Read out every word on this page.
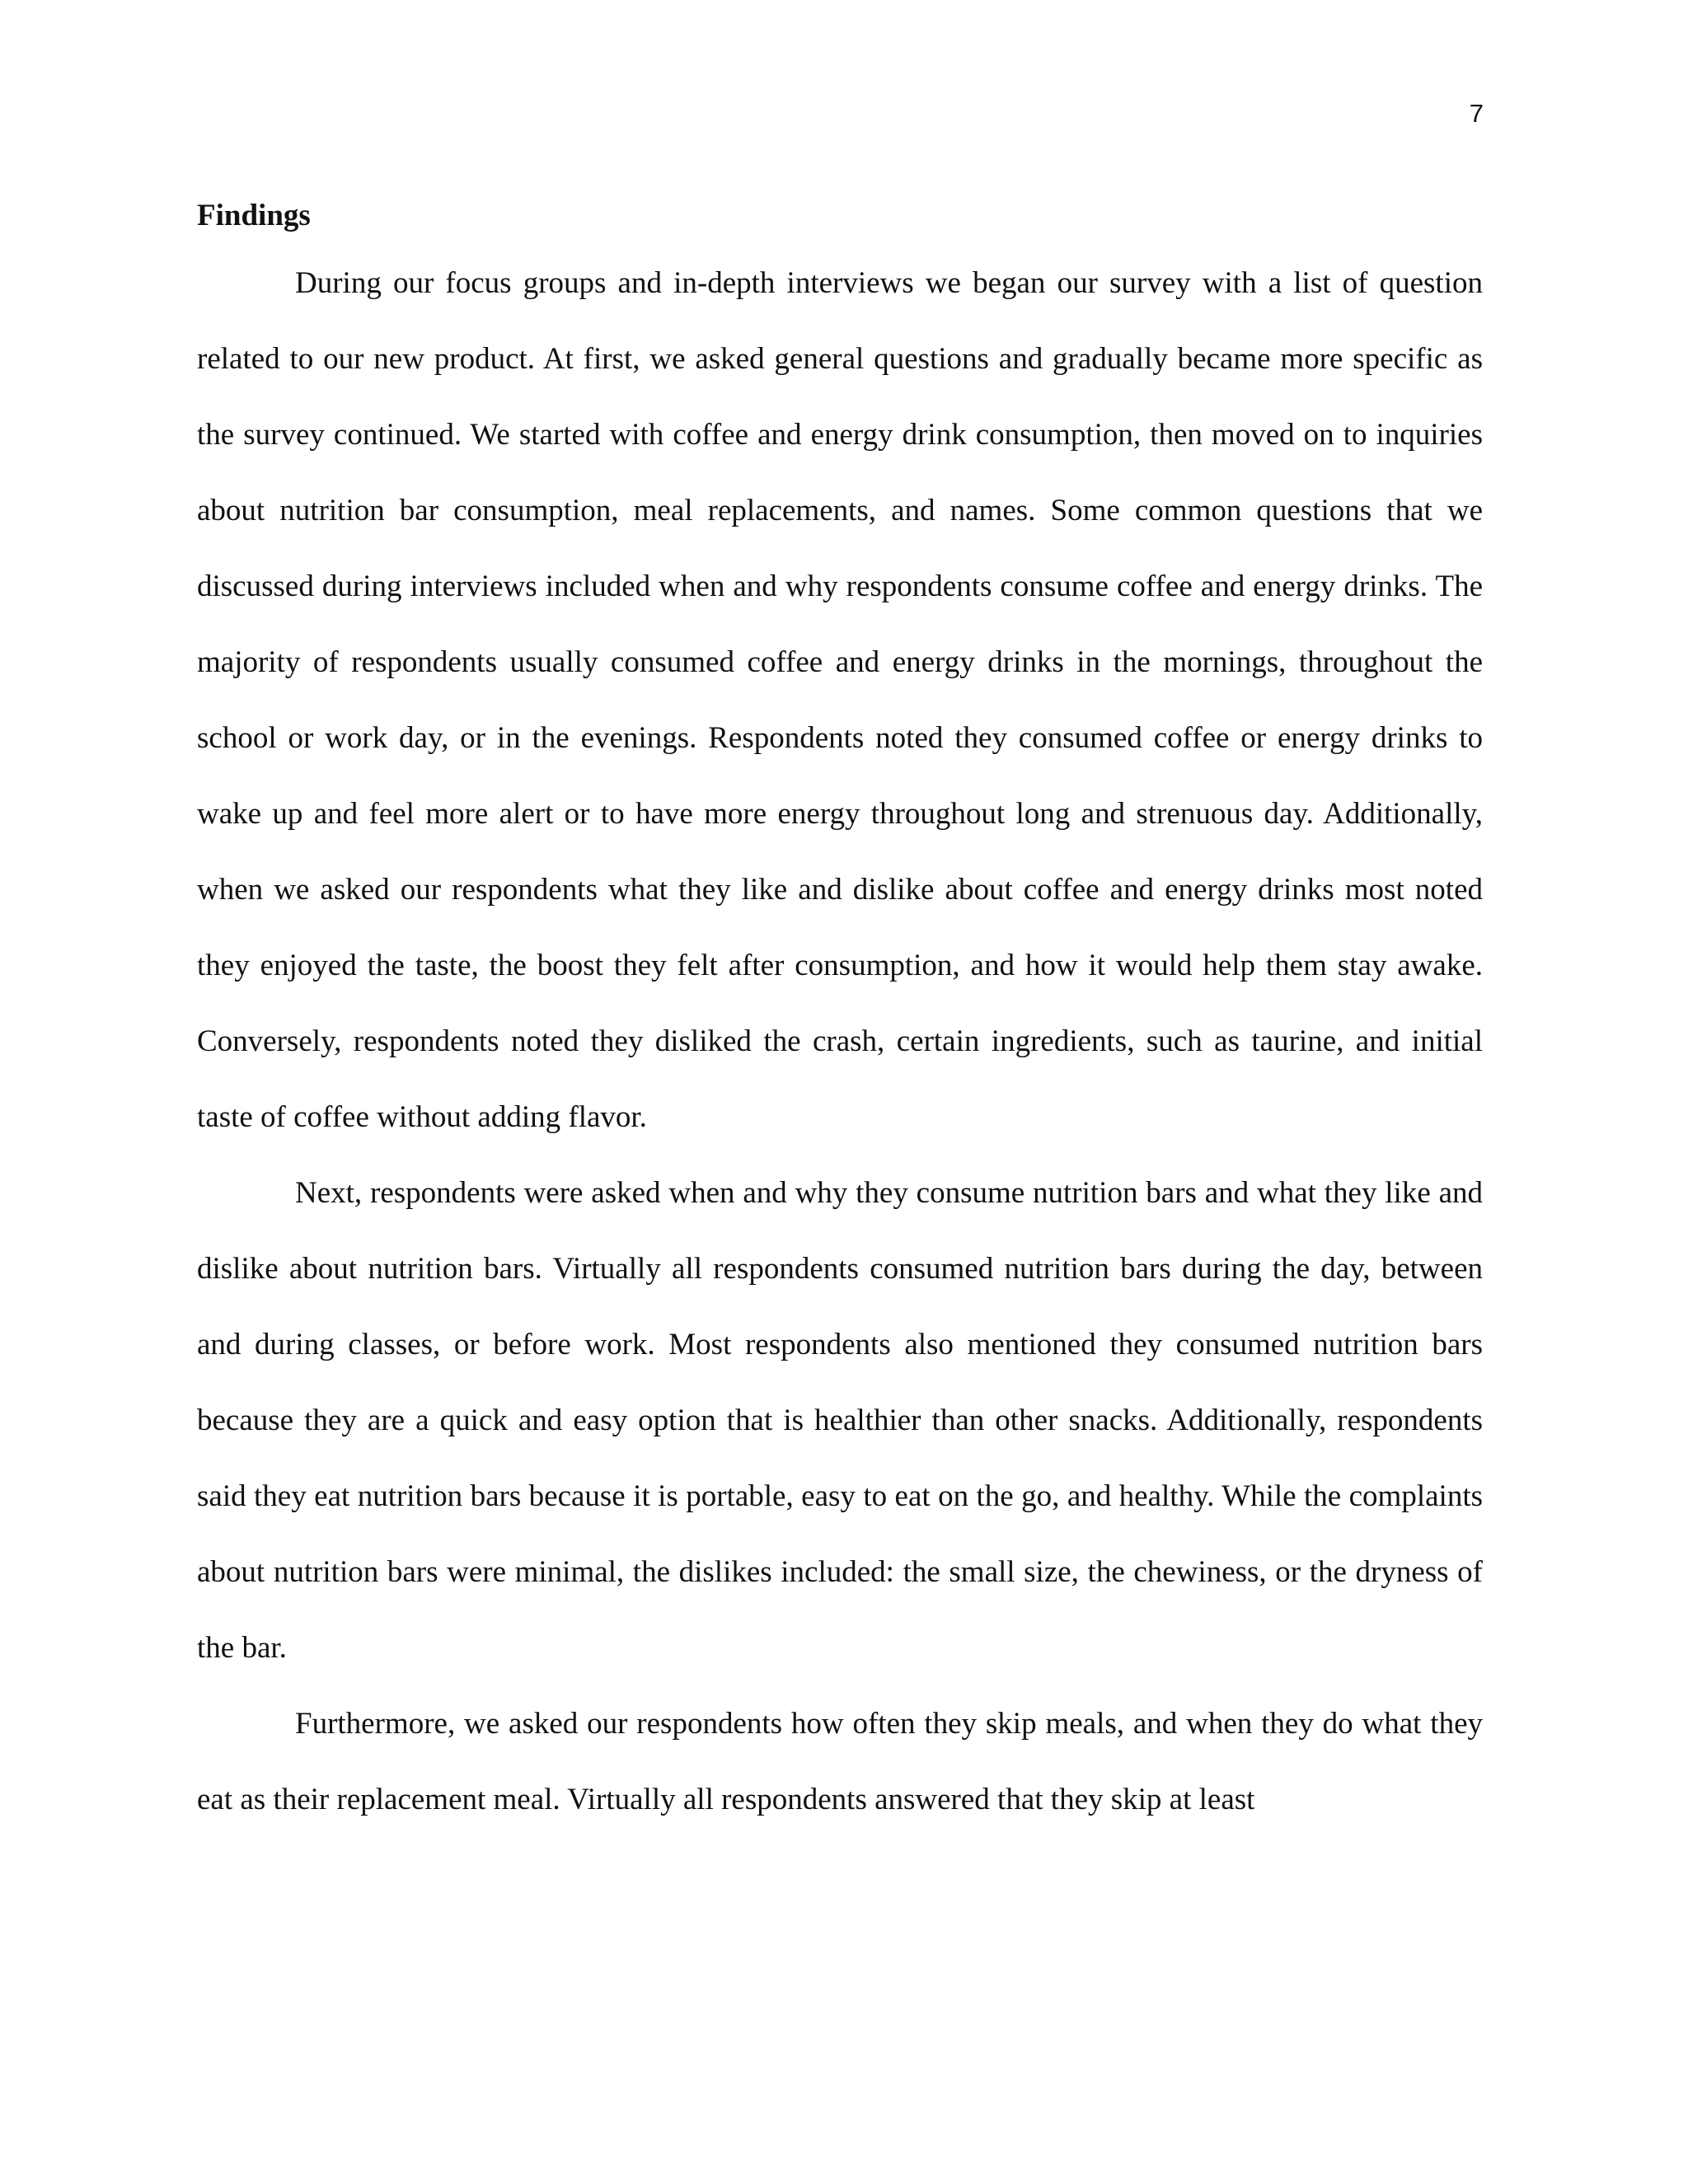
7
Findings

During our focus groups and in-depth interviews we began our survey with a list of question related to our new product. At first, we asked general questions and gradually became more specific as the survey continued. We started with coffee and energy drink consumption, then moved on to inquiries about nutrition bar consumption, meal replacements, and names. Some common questions that we discussed during interviews included when and why respondents consume coffee and energy drinks. The majority of respondents usually consumed coffee and energy drinks in the mornings, throughout the school or work day, or in the evenings. Respondents noted they consumed coffee or energy drinks to wake up and feel more alert or to have more energy throughout long and strenuous day. Additionally, when we asked our respondents what they like and dislike about coffee and energy drinks most noted they enjoyed the taste, the boost they felt after consumption, and how it would help them stay awake. Conversely, respondents noted they disliked the crash, certain ingredients, such as taurine, and initial taste of coffee without adding flavor.

Next, respondents were asked when and why they consume nutrition bars and what they like and dislike about nutrition bars. Virtually all respondents consumed nutrition bars during the day, between and during classes, or before work. Most respondents also mentioned they consumed nutrition bars because they are a quick and easy option that is healthier than other snacks. Additionally, respondents said they eat nutrition bars because it is portable, easy to eat on the go, and healthy. While the complaints about nutrition bars were minimal, the dislikes included: the small size, the chewiness, or the dryness of the bar.

Furthermore, we asked our respondents how often they skip meals, and when they do what they eat as their replacement meal. Virtually all respondents answered that they skip at least
